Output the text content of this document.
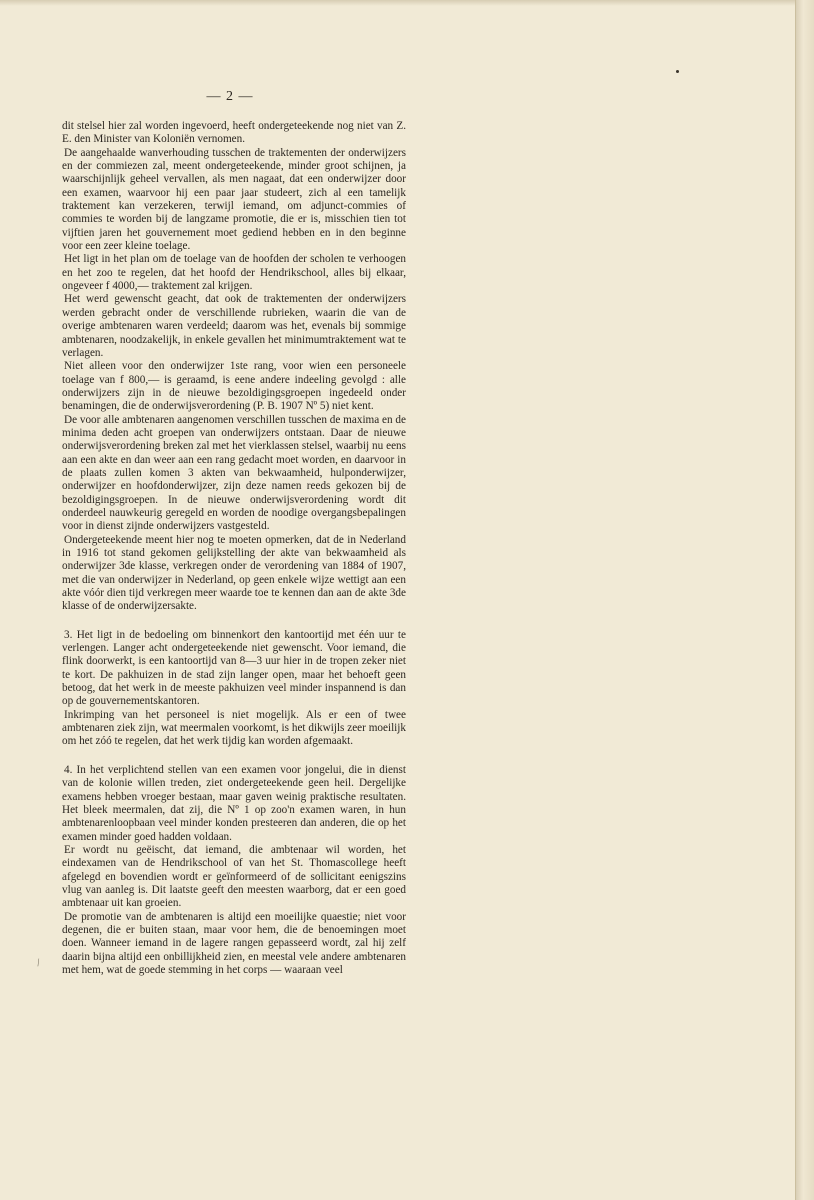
— 2 —

dit stelsel hier zal worden ingevoerd, heeft ondergeteekende nog niet van Z. E. den Minister van Koloniën vernomen.

De aangehaalde wanverhouding tusschen de traktementen der onderwijzers en der commiezen zal, meent ondergeteekende, minder groot schijnen, ja waarschijnlijk geheel vervallen, als men nagaat, dat een onderwijzer door een examen, waarvoor hij een paar jaar studeert, zich al een tamelijk traktement kan verzekeren, terwijl iemand, om adjunct-commies of commies te worden bij de langzame promotie, die er is, misschien tien tot vijftien jaren het gouvernement moet gediend hebben en in den beginne voor een zeer kleine toelage.

Het ligt in het plan om de toelage van de hoofden der scholen te verhoogen en het zoo te regelen, dat het hoofd der Hendrikschool, alles bij elkaar, ongeveer f 4000,— traktement zal krijgen.

Het werd gewenscht geacht, dat ook de traktementen der onderwijzers werden gebracht onder de verschillende rubrieken, waarin die van de overige ambtenaren waren verdeeld; daarom was het, evenals bij sommige ambtenaren, noodzakelijk, in enkele gevallen het minimumtraktement wat te verlagen.

Niet alleen voor den onderwijzer 1ste rang, voor wien een personeele toelage van f 800,— is geraamd, is eene andere indeeling gevolgd : alle onderwijzers zijn in de nieuwe bezoldigingsgroepen ingedeeld onder benamingen, die de onderwijsverordening (P. B. 1907 Nº 5) niet kent.

De voor alle ambtenaren aangenomen verschillen tusschen de maxima en de minima deden acht groepen van onderwijzers ontstaan. Daar de nieuwe onderwijsverordening breken zal met het vierklassen stelsel, waarbij nu eens aan een akte en dan weer aan een rang gedacht moet worden, en daarvoor in de plaats zullen komen 3 akten van bekwaamheid, hulponderwijzer, onderwijzer en hoofdonderwijzer, zijn deze namen reeds gekozen bij de bezoldigingsgroepen. In de nieuwe onderwijsverordening wordt dit onderdeel nauwkeurig geregeld en worden de noodige overgangsbepalingen voor in dienst zijnde onderwijzers vastgesteld.

Ondergeteekende meent hier nog te moeten opmerken, dat de in Nederland in 1916 tot stand gekomen gelijkstelling der akte van bekwaamheid als onderwijzer 3de klasse, verkregen onder de verordening van 1884 of 1907, met die van onderwijzer in Nederland, op geen enkele wijze wettigt aan een akte vóór dien tijd verkregen meer waarde toe te kennen dan aan de akte 3de klasse of de onderwijzersakte.

3. Het ligt in de bedoeling om binnenkort den kantoortijd met één uur te verlengen. Langer acht ondergeteekende niet gewenscht. Voor iemand, die flink doorwerkt, is een kantoortijd van 8—3 uur hier in de tropen zeker niet te kort. De pakhuizen in de stad zijn langer open, maar het behoeft geen betoog, dat het werk in de meeste pakhuizen veel minder inspannend is dan op de gouvernementskantoren.

Inkrimping van het personeel is niet mogelijk. Als er een of twee ambtenaren ziek zijn, wat meermalen voorkomt, is het dikwijls zeer moeilijk om het zóó te regelen, dat het werk tijdig kan worden afgemaakt.

4. In het verplichtend stellen van een examen voor jongelui, die in dienst van de kolonie willen treden, ziet ondergeteekende geen heil. Dergelijke examens hebben vroeger bestaan, maar gaven weinig praktische resultaten. Het bleek meermalen, dat zij, die Nº 1 op zoo'n examen waren, in hun ambtenarenloopbaan veel minder konden presteeren dan anderen, die op het examen minder goed hadden voldaan.

Er wordt nu geëischt, dat iemand, die ambtenaar wil worden, het eindexamen van de Hendrikschool of van het St. Thomascollege heeft afgelegd en bovendien wordt er geïnformeerd of de sollicitant eenigszins vlug van aanleg is. Dit laatste geeft den meesten waarborg, dat er een goed ambtenaar uit kan groeien.

De promotie van de ambtenaren is altijd een moeilijke quaestie; niet voor degenen, die er buiten staan, maar voor hem, die de benoemingen moet doen. Wanneer iemand in de lagere rangen gepasseerd wordt, zal hij zelf daarin bijna altijd een onbillijkheid zien, en meestal vele andere ambtenaren met hem, wat de goede stemming in het corps — waaraan veel

/
